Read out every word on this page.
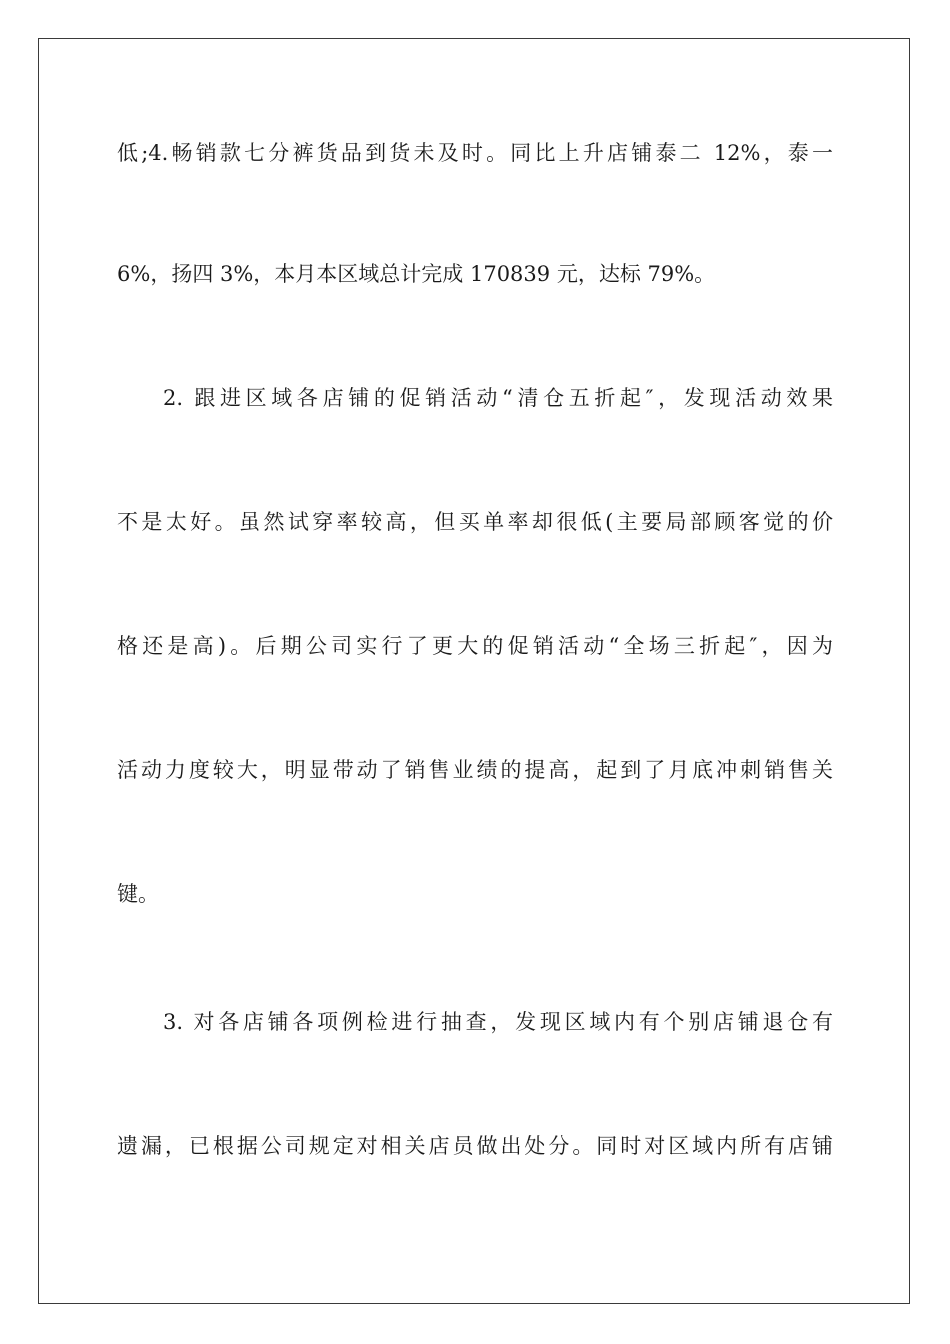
低;4.畅销款七分裤货品到货未及时。同比上升店铺泰二 12%，泰一
6%，扬四 3%，本月本区域总计完成 170839 元，达标 79%。
2. 跟进区域各店铺的促销活动“清仓五折起″，发现活动效果
不是太好。虽然试穿率较高，但买单率却很低(主要局部顾客觉的价
格还是高)。后期公司实行了更大的促销活动“全场三折起″，因为
活动力度较大，明显带动了销售业绩的提高，起到了月底冲刺销售关
键。
3. 对各店铺各项例检进行抽查，发现区域内有个别店铺退仓有
遗漏，已根据公司规定对相关店员做出处分。同时对区域内所有店铺
